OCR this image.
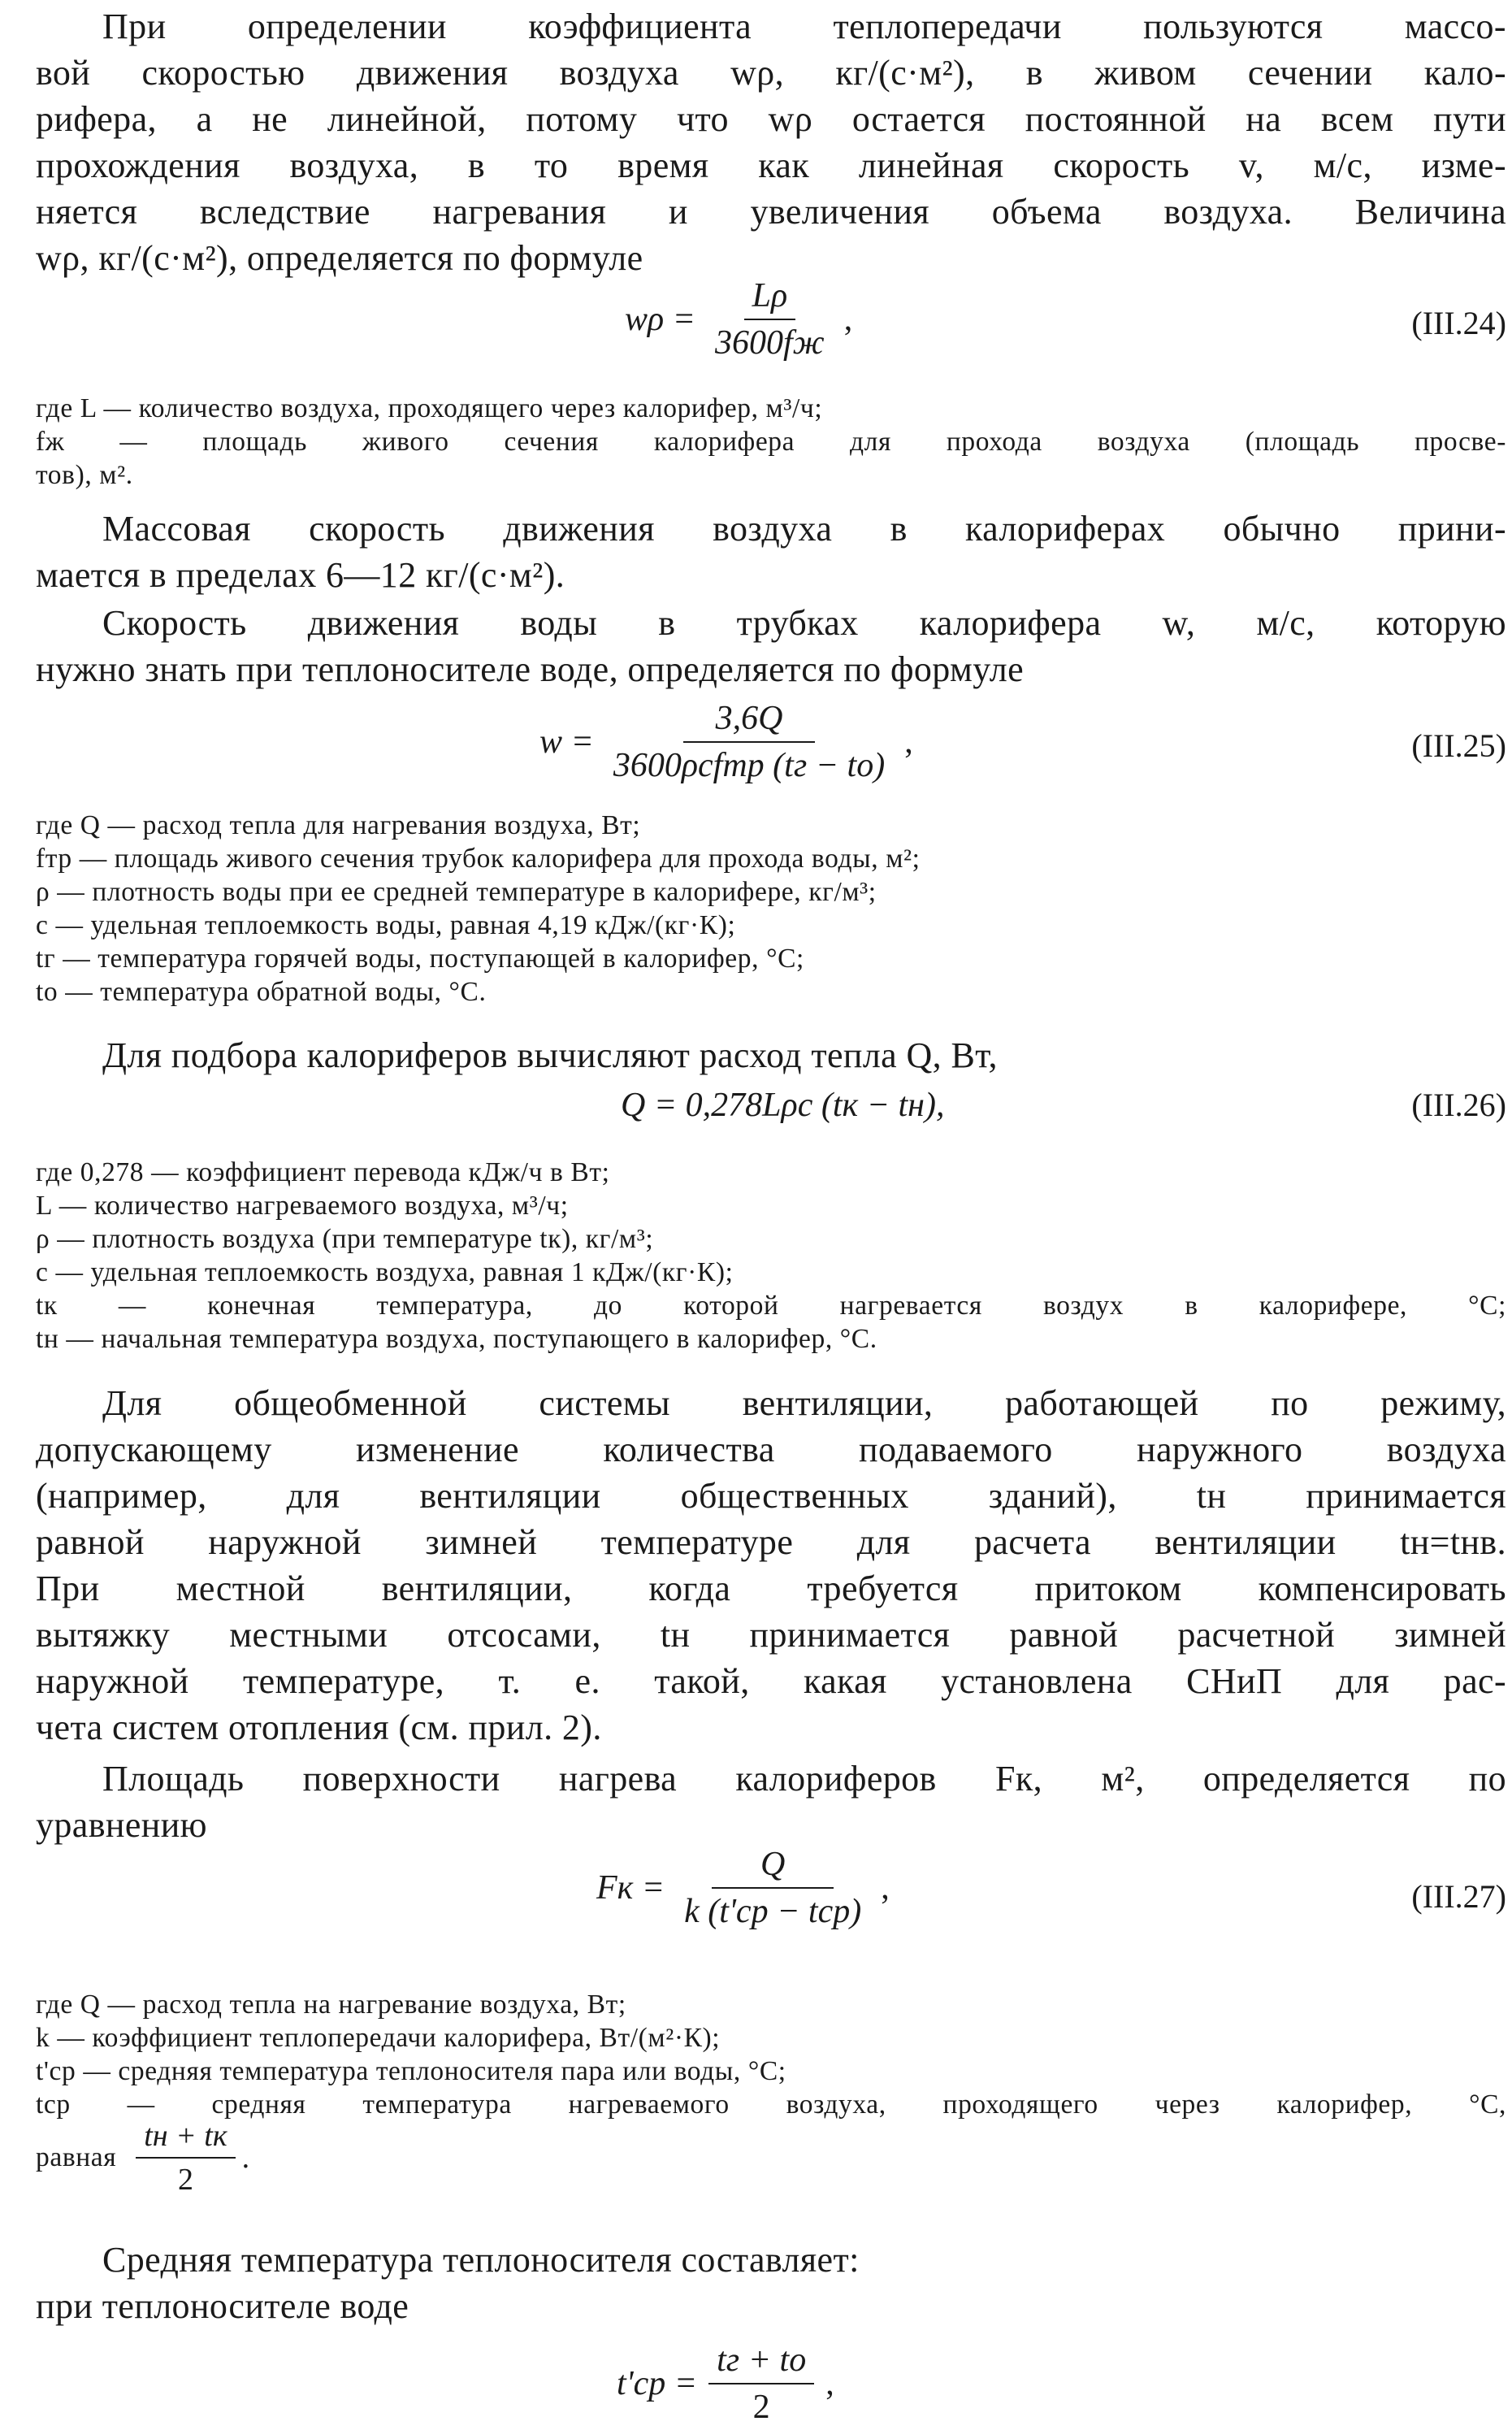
При определении коэффициента теплопередачи пользуются массо-

вой скоростью движения воздуха wρ, кг/(с·м²), в живом сечении кало-

рифера, а не линейной, потому что wρ остается постоянной на всем пути

прохождения воздуха, в то время как линейная скорость v, м/с, изме-

няется вследствие нагревания и увеличения объема воздуха. Величина

wρ, кг/(с·м²), определяется по формуле

$w\rho = \frac{L\rho}{3600fж}$ ,	(III.24)

где L — количество воздуха, проходящего через калорифер, м³/ч;

fж — площадь живого сечения калорифера для прохода воздуха (площадь просве-

тов), м².

Массовая скорость движения воздуха в калориферах обычно прини-

мается в пределах 6—12 кг/(с·м²).

Скорость движения воды в трубках калорифера w, м/с, которую

нужно знать при теплоносителе воде, определяется по формуле

$w = \frac{3,6Q}{\text{3600ρcfтр (tг − tо)}}$ ,	(III.25)

где Q — расход тепла для нагревания воздуха, Вт;

fтр — площадь живого сечения трубок калорифера для прохода воды, м²;

ρ — плотность воды при ее средней температуре в калорифере, кг/м³;

c — удельная теплоемкость воды, равная 4,19 кДж/(кг·К);

tг — температура горячей воды, поступающей в калорифер, °С;

tо — температура обратной воды, °С.

Для подбора калориферов вычисляют расход тепла Q, Вт,

Q = 0,278Lρc (tк − tн),	(III.26)

где 0,278 — коэффициент перевода кДж/ч в Вт;

L — количество нагреваемого воздуха, м³/ч;

ρ — плотность воздуха (при температуре tк), кг/м³;

c — удельная теплоемкость воздуха, равная 1 кДж/(кг·К);

tк — конечная температура, до которой нагревается воздух в калорифере, °С;

tн — начальная температура воздуха, поступающего в калорифер, °С.

Для общеобменной системы вентиляции, работающей по режиму,

допускающему изменение количества подаваемого наружного воздуха

(например, для вентиляции общественных зданий), tн принимается

равной наружной зимней температуре для расчета вентиляции tн=tнв.

При местной вентиляции, когда требуется притоком компенсировать

вытяжку местными отсосами, tн принимается равной расчетной зимней

наружной температуре, т. е. такой, какая установлена СНиП для рас-

чета систем отопления (см. прил. 2).

Площадь поверхности нагрева калориферов Fк, м², определяется по

уравнению

Fк = $\frac{Q}{\text{k (t'ср − tср)}}$ ,	(III.27)

где Q — расход тепла на нагревание воздуха, Вт;

k — коэффициент теплопередачи калорифера, Вт/(м²·К);

t'ср — средняя температура теплоносителя пара или воды, °С;

tср — средняя температура нагреваемого воздуха, проходящего через калорифер, °С,

равная $\frac{tн + tк}{2}$ .

Средняя температура теплоносителя составляет:

при теплоносителе воде

$t'ср = \frac{tг + tо}{2}$ ,
